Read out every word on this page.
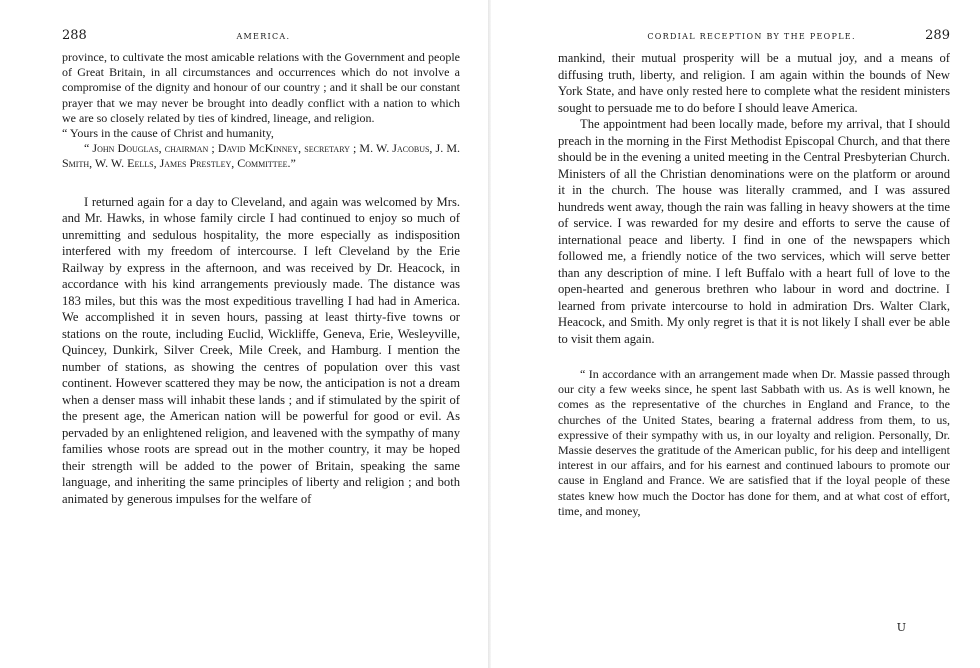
288	AMERICA.

province, to cultivate the most amicable relations with the Government and people of Great Britain, in all circumstances and occurrences which do not involve a compromise of the dignity and honour of our country ; and it shall be our constant prayer that we may never be brought into deadly conflict with a nation to which we are so closely related by ties of kindred, lineage, and religion.

“ Yours in the cause of Christ and humanity,

“ John Douglas, chairman ; David McKinney, secretary ; M. W. Jacobus, J. M. Smith, W. W. Eells, James Prestley, Committee.”

I returned again for a day to Cleveland, and again was welcomed by Mrs. and Mr. Hawks, in whose family circle I had continued to enjoy so much of unremitting and sedulous hospitality, the more especially as indisposition interfered with my freedom of intercourse. I left Cleveland by the Erie Railway by express in the afternoon, and was received by Dr. Heacock, in accordance with his kind arrangements previously made. The distance was 183 miles, but this was the most expeditious travelling I had had in America. We accomplished it in seven hours, passing at least thirty-five towns or stations on the route, including Euclid, Wickliffe, Geneva, Erie, Wesleyville, Quincey, Dunkirk, Silver Creek, Mile Creek, and Hamburg. I mention the number of stations, as showing the centres of population over this vast continent. However scattered they may be now, the anticipation is not a dream when a denser mass will inhabit these lands ; and if stimulated by the spirit of the present age, the American nation will be powerful for good or evil. As pervaded by an enlightened religion, and leavened with the sympathy of many families whose roots are spread out in the mother country, it may be hoped their strength will be added to the power of Britain, speaking the same language, and inheriting the same principles of liberty and religion ; and both animated by generous impulses for the welfare of

CORDIAL RECEPTION BY THE PEOPLE.	289

mankind, their mutual prosperity will be a mutual joy, and a means of diffusing truth, liberty, and religion. I am again within the bounds of New York State, and have only rested here to complete what the resident ministers sought to persuade me to do before I should leave America.

The appointment had been locally made, before my arrival, that I should preach in the morning in the First Methodist Episcopal Church, and that there should be in the evening a united meeting in the Central Presbyterian Church. Ministers of all the Christian denominations were on the platform or around it in the church. The house was literally crammed, and I was assured hundreds went away, though the rain was falling in heavy showers at the time of service. I was rewarded for my desire and efforts to serve the cause of international peace and liberty. I find in one of the newspapers which followed me, a friendly notice of the two services, which will serve better than any description of mine. I left Buffalo with a heart full of love to the open-hearted and generous brethren who labour in word and doctrine. I learned from private intercourse to hold in admiration Drs. Walter Clark, Heacock, and Smith. My only regret is that it is not likely I shall ever be able to visit them again.

“ In accordance with an arrangement made when Dr. Massie passed through our city a few weeks since, he spent last Sabbath with us. As is well known, he comes as the representative of the churches in England and France, to the churches of the United States, bearing a fraternal address from them, to us, expressive of their sympathy with us, in our loyalty and religion. Personally, Dr. Massie deserves the gratitude of the American public, for his deep and intelligent interest in our affairs, and for his earnest and continued labours to promote our cause in England and France. We are satisfied that if the loyal people of these states knew how much the Doctor has done for them, and at what cost of effort, time, and money,

U
